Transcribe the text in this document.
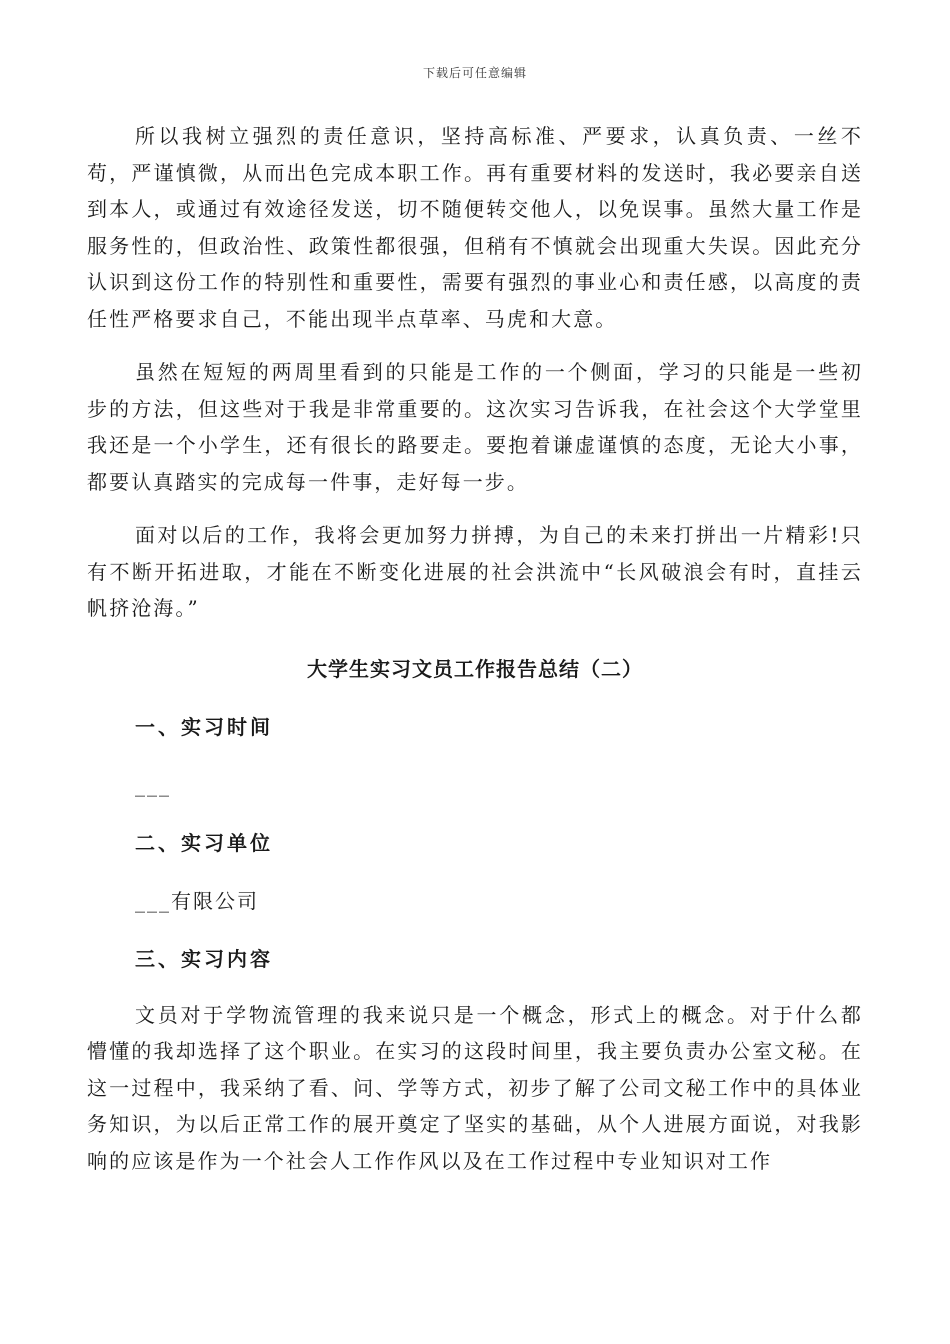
下载后可任意编辑

所以我树立强烈的责任意识，坚持高标准、严要求，认真负责、一丝不苟，严谨慎微，从而出色完成本职工作。再有重要材料的发送时，我必要亲自送到本人，或通过有效途径发送，切不随便转交他人，以免误事。虽然大量工作是服务性的，但政治性、政策性都很强，但稍有不慎就会出现重大失误。因此充分认识到这份工作的特别性和重要性，需要有强烈的事业心和责任感，以高度的责任性严格要求自己，不能出现半点草率、马虎和大意。

虽然在短短的两周里看到的只能是工作的一个侧面，学习的只能是一些初步的方法，但这些对于我是非常重要的。这次实习告诉我，在社会这个大学堂里我还是一个小学生，还有很长的路要走。要抱着谦虚谨慎的态度，无论大小事，都要认真踏实的完成每一件事，走好每一步。

面对以后的工作，我将会更加努力拼搏，为自己的未来打拼出一片精彩!只有不断开拓进取，才能在不断变化进展的社会洪流中“长风破浪会有时，直挂云帆挤沧海。”

大学生实习文员工作报告总结（二）
一、实习时间
___
二、实习单位
___有限公司
三、实习内容

文员对于学物流管理的我来说只是一个概念，形式上的概念。对于什么都懵懂的我却选择了这个职业。在实习的这段时间里，我主要负责办公室文秘。在这一过程中，我采纳了看、问、学等方式，初步了解了公司文秘工作中的具体业务知识，为以后正常工作的展开奠定了坚实的基础，从个人进展方面说，对我影响的应该是作为一个社会人工作作风以及在工作过程中专业知识对工作
